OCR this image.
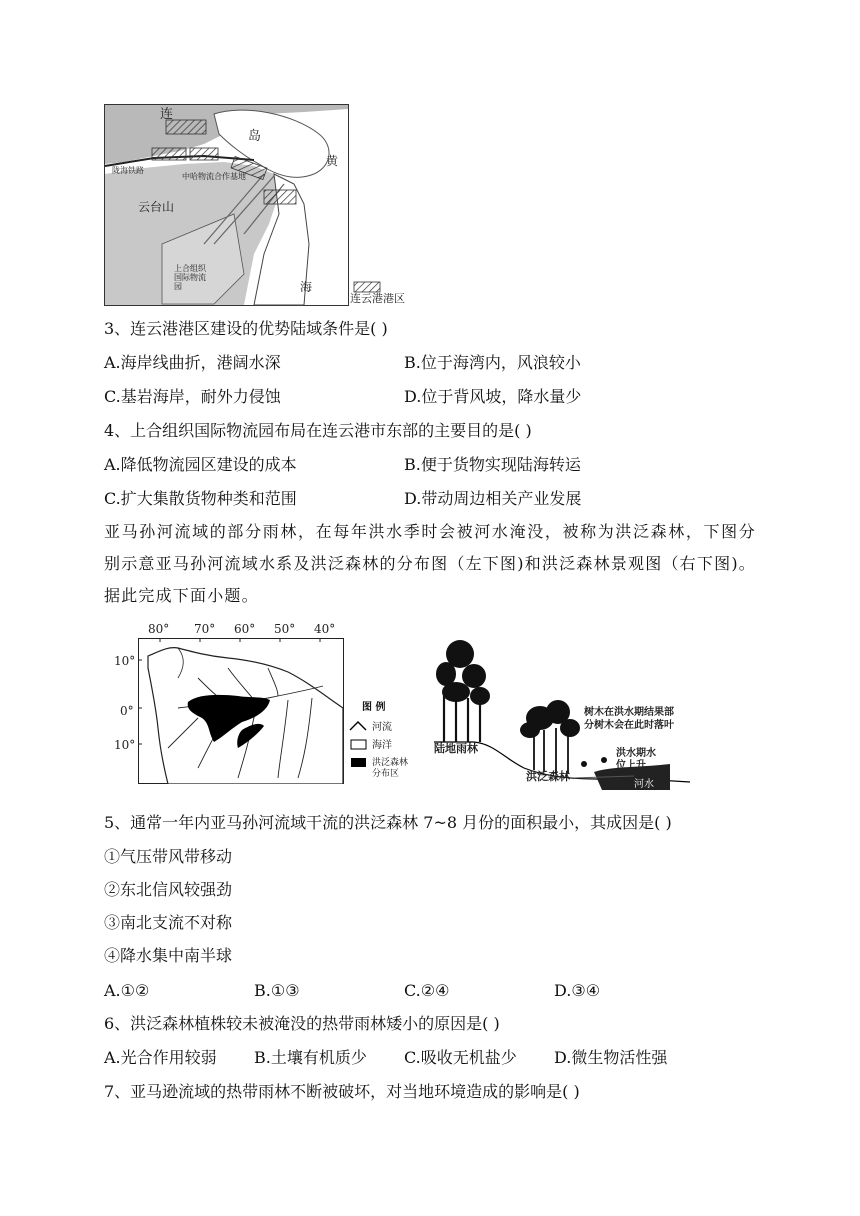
连
岛
黄
陇海铁路
中哈物流合作基地
云台山
上合组织国际物流园	海
连云港港区
3、连云港港区建设的优势陆域条件是( )
A.海岸线曲折，港阔水深	B.位于海湾内，风浪较小
C.基岩海岸，耐外力侵蚀	D.位于背风坡，降水量少
4、上合组织国际物流园布局在连云港市东部的主要目的是( )
A.降低物流园区建设的成本	B.便于货物实现陆海转运
C.扩大集散货物种类和范围	D.带动周边相关产业发展
亚马孙河流域的部分雨林，在每年洪水季时会被河水淹没，被称为洪泛森林，下图分别示意亚马孙河流域水系及洪泛森林的分布图（左下图)和洪泛森林景观图（右下图)。据此完成下面小题。
80° 70° 60° 50° 40°
10°
0°
10°
图 例
河流
海洋
洪泛森林分布区
陆地雨林
洪泛森林
树木在洪水期结果部分树木会在此时落叶
洪水期水位上升
河水
5、通常一年内亚马孙河流域干流的洪泛森林 7~8 月份的面积最小，其成因是( )
①气压带风带移动
②东北信风较强劲
③南北支流不对称
④降水集中南半球
A.①②	B.①③	C.②④	D.③④
6、洪泛森林植株较未被淹没的热带雨林矮小的原因是( )
A.光合作用较弱 B.土壤有机质少 C.吸收无机盐少 D.微生物活性强
7、亚马逊流域的热带雨林不断被破坏，对当地环境造成的影响是( )
